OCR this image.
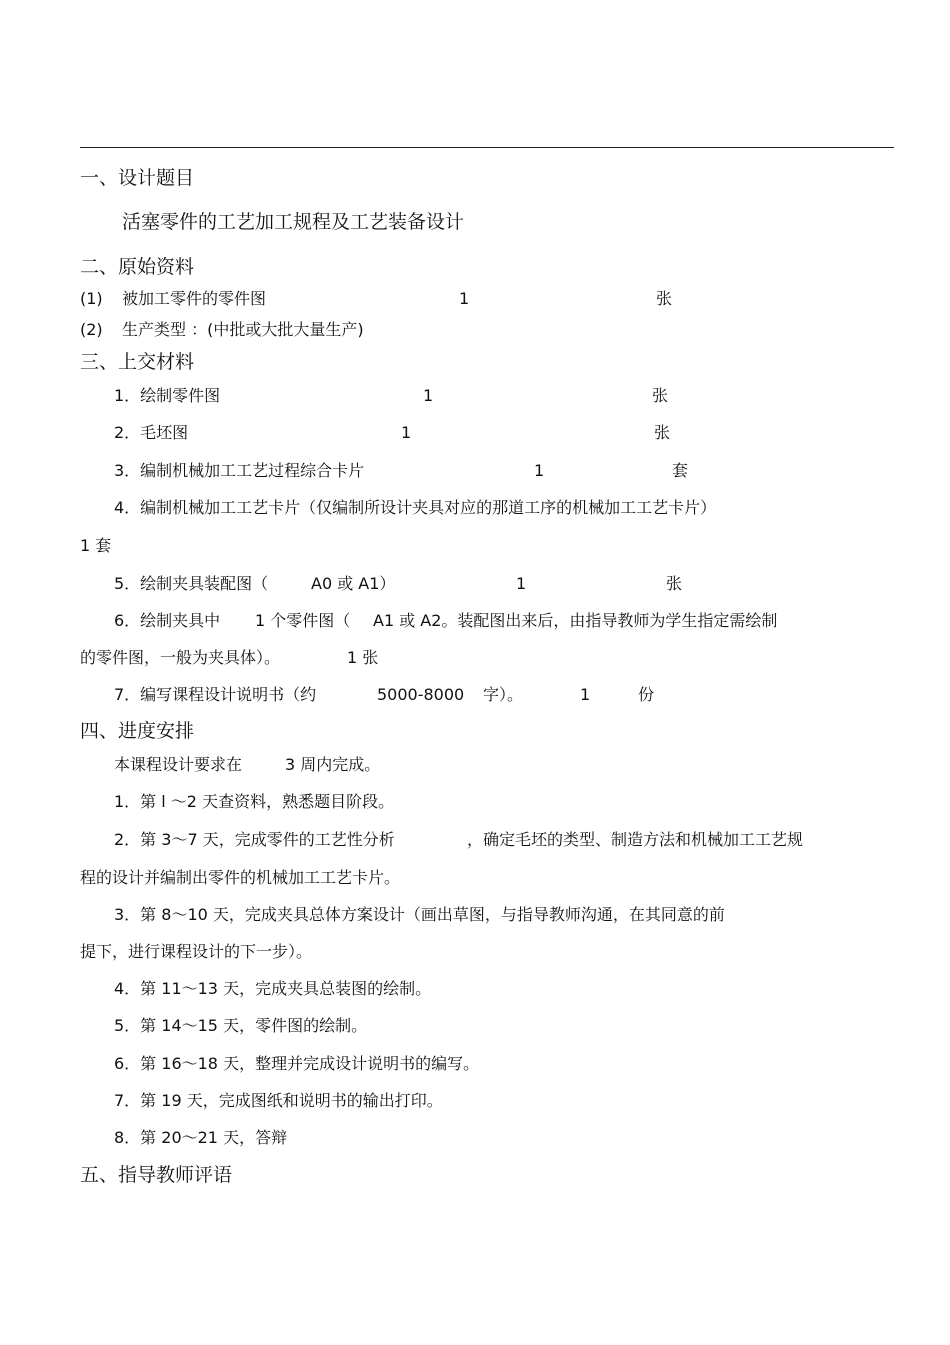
一、设计题目
活塞零件的工艺加工规程及工艺装备设计
二、原始资料
(1) 被加工零件的零件图	1	张
(2) 生产类型 ：(中批或大批大量生产)
三、上交材料
1．绘制零件图	1	张
2．毛坯图	1	张
3．编制机械加工工艺过程综合卡片	1	套
4．编制机械加工工艺卡片（仅编制所设计夹具对应的那道工序的机械加工工艺卡片）
1 套
5．绘制夹具装配图（	A0 或 A1）	1	张
6．绘制夹具中 1 个零件图（ A1 或 A2。装配图出来后，由指导教师为学生指定需绘制
的零件图，一般为夹具体）。	1 张
7．编写课程设计说明书（约	5000-8000 字）。	1	份
四、进度安排
本课程设计要求在	3 周内完成。
1．第 l ～2 天查资料，熟悉题目阶段。
2．第 3～7 天，完成零件的工艺性分析	，确定毛坯的类型、制造方法和机械加工工艺规
程的设计并编制出零件的机械加工工艺卡片。
3．第 8～10 天，完成夹具总体方案设计（画出草图，与指导教师沟通，在其同意的前
提下，进行课程设计的下一步）。
4．第 11～13 天，完成夹具总装图的绘制。
5．第 14～15 天，零件图的绘制。
6．第 16～18 天，整理并完成设计说明书的编写。
7．第 19 天，完成图纸和说明书的输出打印。
8．第 20～21 天，答辩
五、指导教师评语
